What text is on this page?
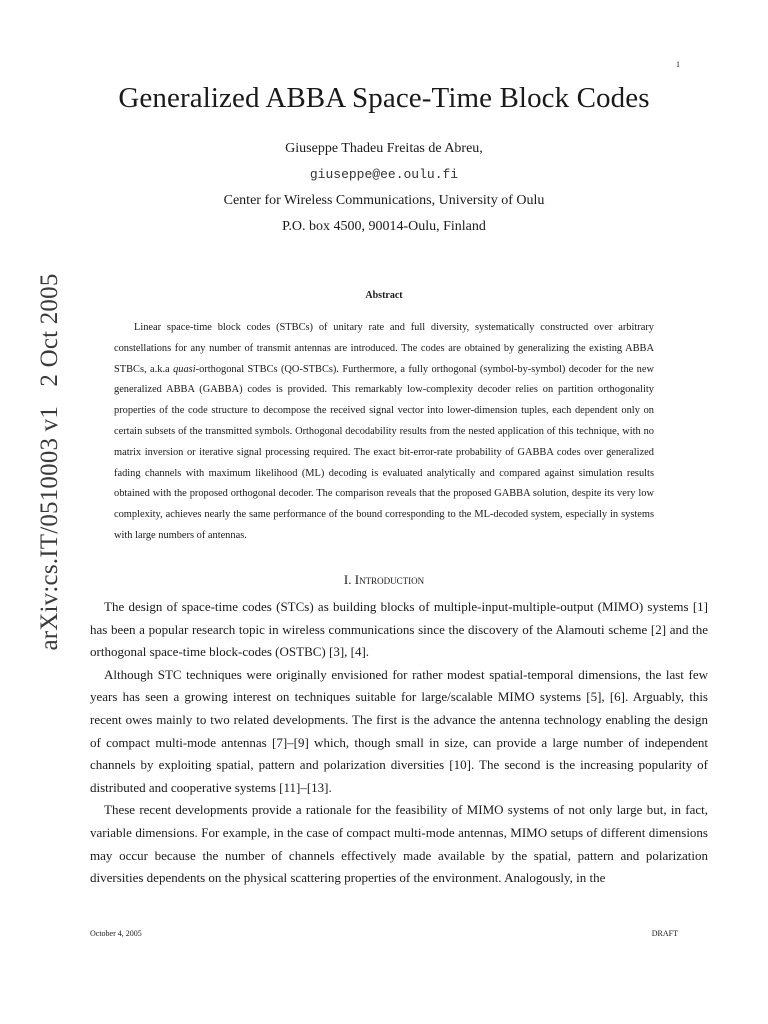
1
arXiv:cs.IT/0510003 v1   2 Oct 2005
Generalized ABBA Space-Time Block Codes
Giuseppe Thadeu Freitas de Abreu,
giuseppe@ee.oulu.fi
Center for Wireless Communications, University of Oulu
P.O. box 4500, 90014-Oulu, Finland
Abstract

Linear space-time block codes (STBCs) of unitary rate and full diversity, systematically constructed over arbitrary constellations for any number of transmit antennas are introduced. The codes are obtained by generalizing the existing ABBA STBCs, a.k.a quasi-orthogonal STBCs (QO-STBCs). Furthermore, a fully orthogonal (symbol-by-symbol) decoder for the new generalized ABBA (GABBA) codes is provided. This remarkably low-complexity decoder relies on partition orthogonality properties of the code structure to decompose the received signal vector into lower-dimension tuples, each dependent only on certain subsets of the transmitted symbols. Orthogonal decodability results from the nested application of this technique, with no matrix inversion or iterative signal processing required. The exact bit-error-rate probability of GABBA codes over generalized fading channels with maximum likelihood (ML) decoding is evaluated analytically and compared against simulation results obtained with the proposed orthogonal decoder. The comparison reveals that the proposed GABBA solution, despite its very low complexity, achieves nearly the same performance of the bound corresponding to the ML-decoded system, especially in systems with large numbers of antennas.

I. Introduction

The design of space-time codes (STCs) as building blocks of multiple-input-multiple-output (MIMO) systems [1] has been a popular research topic in wireless communications since the discovery of the Alamouti scheme [2] and the orthogonal space-time block-codes (OSTBC) [3], [4].

Although STC techniques were originally envisioned for rather modest spatial-temporal dimensions, the last few years has seen a growing interest on techniques suitable for large/scalable MIMO systems [5], [6]. Arguably, this recent owes mainly to two related developments. The first is the advance the antenna technology enabling the design of compact multi-mode antennas [7]–[9] which, though small in size, can provide a large number of independent channels by exploiting spatial, pattern and polarization diversities [10]. The second is the increasing popularity of distributed and cooperative systems [11]–[13].

These recent developments provide a rationale for the feasibility of MIMO systems of not only large but, in fact, variable dimensions. For example, in the case of compact multi-mode antennas, MIMO setups of different dimensions may occur because the number of channels effectively made available by the spatial, pattern and polarization diversities dependents on the physical scattering properties of the environment. Analogously, in the

October 4, 2005	DRAFT
